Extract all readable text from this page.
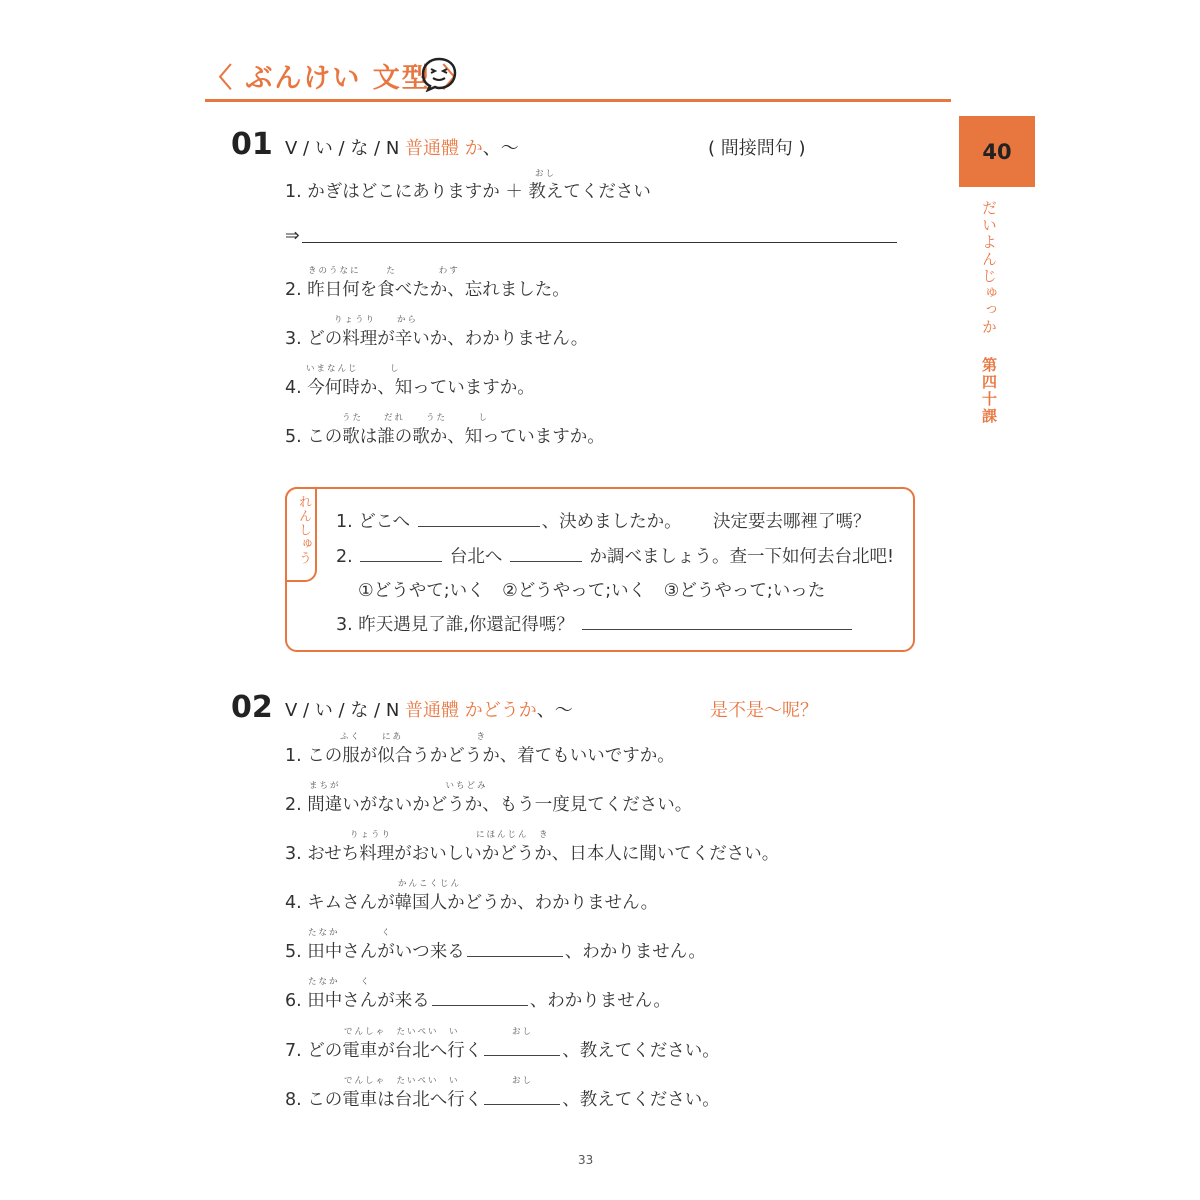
〈 ぶんけい 文型 〉
40
だいよんじゅっか 第四十課
01 V / い / な / N 普通體 か、〜	( 間接問句 )
おし
1. かぎはどこにありますか ＋ 教えてください
⇒
きのうなに　　 た　　　　わす
2. 昨日何を食べたか、忘れました。
りょうり　　から
3. どの料理が辛いか、わかりません。
いまなんじ　　　し
4. 今何時か、知っていますか。
うた　　だれ　　うた　　　し
5. この歌は誰の歌か、知っていますか。
れんしゅう 1. どこへ	、決めましたか。 決定要去哪裡了嗎？
2.	台北へ	か調べましょう。查一下如何去台北吧!
①どうやて;いく　②どうやって;いく　③どうやって;いった
3. 昨天遇見了誰,你還記得嗎？
02 V / い / な / N 普通體 かどうか、〜	是不是〜呢？
ふく　　にあ　　　　　　　き
1. この服が似合うかどうか、着てもいいですか。
まちが　　　　　　　　　　いちどみ
2. 間違いがないかどうか、もう一度見てください。
りょうり　　　　　　　　にほんじん　き
3. おせち料理がおいしいかどうか、日本人に聞いてください。
かんこくじん
4. キムさんが韓国人かどうか、わかりません。
たなか　　　　く
5. 田中さんがいつ来る	、わかりません。
たなか　　く
6. 田中さんが来る	、わかりません。
でんしゃ　たいぺい　い　　　　　おし
7. どの電車が台北へ行く	、教えてください。
でんしゃ　たいぺい　い　　　　　おし
8. この電車は台北へ行く	、教えてください。
33
